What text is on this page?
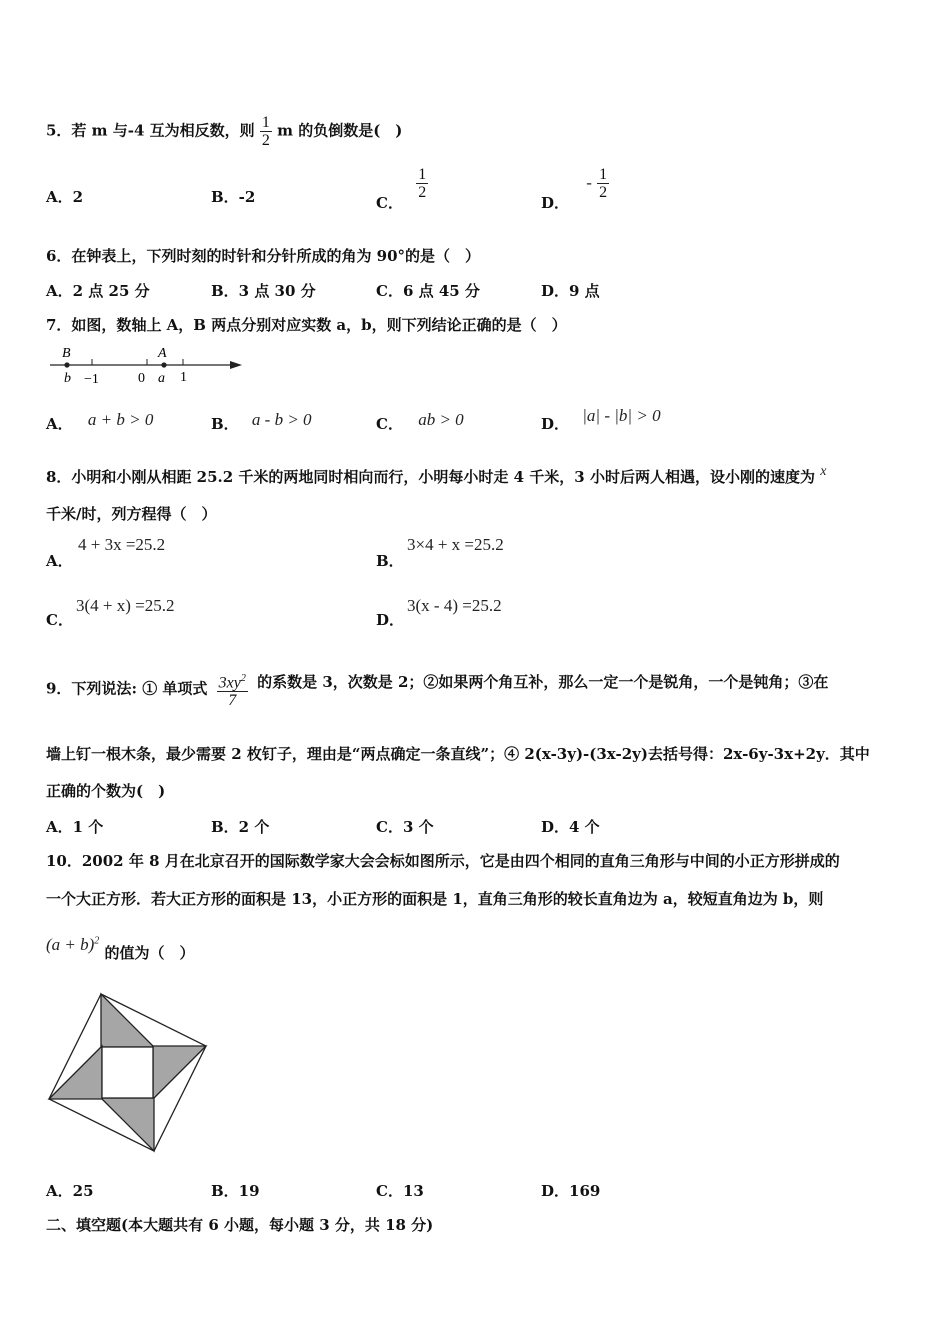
5．若 m 与-4 互为相反数，则 $\frac{1}{2}$ m 的负倒数是(　)
A．2	B．-2	C．
$\frac{1}{2}$
D． - $\frac{1}{2}$
6．在钟表上，下列时刻的时针和分针所成的角为 90°的是（　）
A．2 点 25 分	B．3 点 30 分	C．6 点 45 分	D．9 点
7．如图，数轴上 A，B 两点分别对应实数 a，b，则下列结论正确的是（　）
B	A
b −1	0 a 1
A． a + b > 0	B． a - b > 0	C． ab > 0	D． |a| - |b| > 0
8．小明和小刚从相距 25.2 千米的两地同时相向而行，小明每小时走 4 千米，3 小时后两人相遇，设小刚的速度为 x
千米/时，列方程得（　）
A．
4 + 3x =25.2
B．
3×4 + x =25.2
C．
3(4 + x) =25.2
D．
3(x - 4) =25.2
9．下列说法: ① 单项式 $\frac{3xy^2}{7}$ 的系数是 3，次数是 2；②如果两个角互补，那么一定一个是锐角，一个是钝角；③在
墙上钉一根木条，最少需要 2 枚钉子，理由是“两点确定一条直线”；④ 2(x-3y)-(3x-2y)去括号得：2x-6y-3x+2y．其中
正确的个数为(　)
A．1 个	B．2 个	C．3 个	D．4 个
10．2002 年 8 月在北京召开的国际数学家大会会标如图所示，它是由四个相同的直角三角形与中间的小正方形拼成的
一个大正方形．若大正方形的面积是 13，小正方形的面积是 1，直角三角形的较长直角边为 a，较短直角边为 b，则
$(a + b)^2$ 的值为（　）
A．25	B．19	C．13	D．169
二、填空题(本大题共有 6 小题，每小题 3 分，共 18 分)
